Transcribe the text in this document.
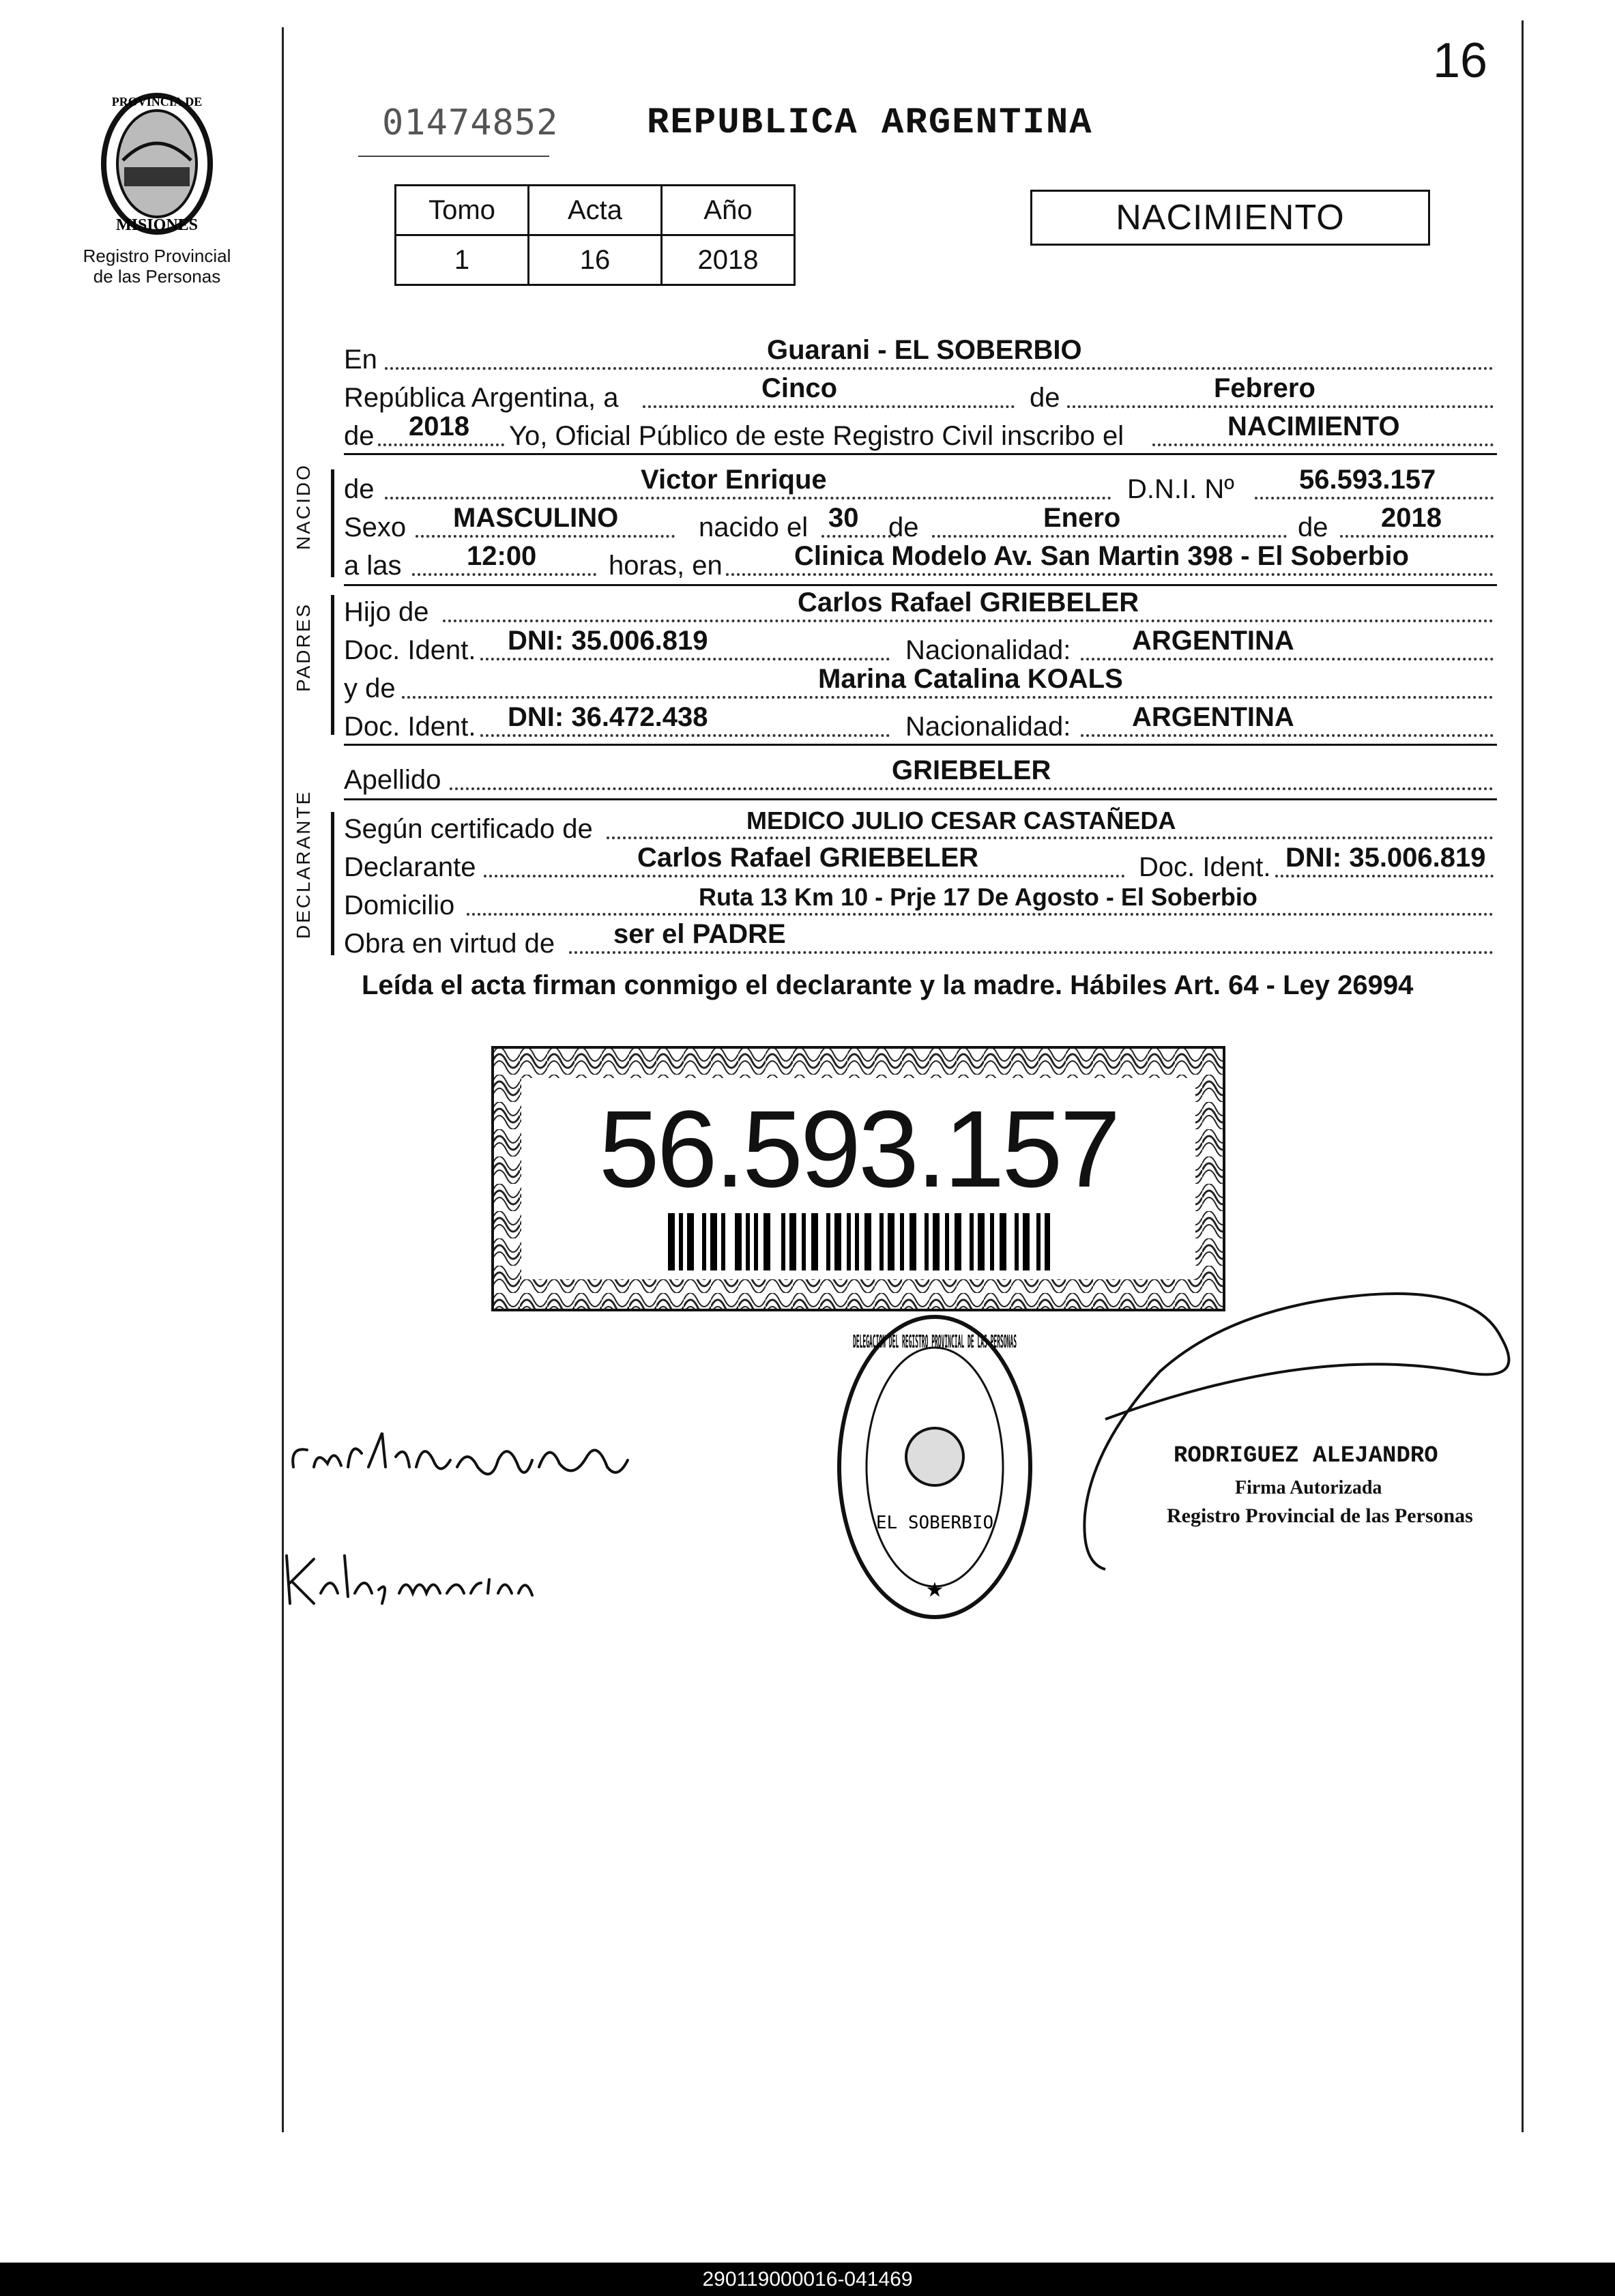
PROVINCIA DE
MISIONES
Registro Provincial
de las Personas
16
01474852 REPUBLICA ARGENTINA
Tomo	Acta	Año
1	16	2018
NACIMIENTO
En	Guarani - EL SOBERBIO
República Argentina, a	Cinco	de	Febrero
de 2018 Yo, Oficial Público de este Registro Civil inscribo el	NACIMIENTO
NACIDO de	Victor Enrique	D.N.I. Nº 56.593.157
Sexo MASCULINO	nacido el 30 de	Enero	de 2018
a las 12:00	horas, en	Clinica Modelo Av. San Martin 398 - El Soberbio
PADRES Hijo de	Carlos Rafael GRIEBELER
Doc. Ident. DNI: 35.006.819	Nacionalidad: ARGENTINA
y de	Marina Catalina KOALS
Doc. Ident. DNI: 36.472.438	Nacionalidad: ARGENTINA
Apellido	GRIEBELER
DECLARANTE Según certificado de	MEDICO JULIO CESAR CASTAÑEDA
Declarante	Carlos Rafael GRIEBELER	Doc. Ident. DNI: 35.006.819
Domicilio	Ruta 13 Km 10 - Prje 17 De Agosto - El Soberbio
Obra en virtud de ser el PADRE
Leída el acta firman conmigo el declarante y la madre. Hábiles Art. 64 - Ley 26994
56.593.157
DELEGACION DEL REGISTRO PROVINCIAL DE LAS PERSONAS
EL SOBERBIO
★
RODRIGUEZ ALEJANDRO
Firma Autorizada
Registro Provincial de las Personas
290119000016-041469
